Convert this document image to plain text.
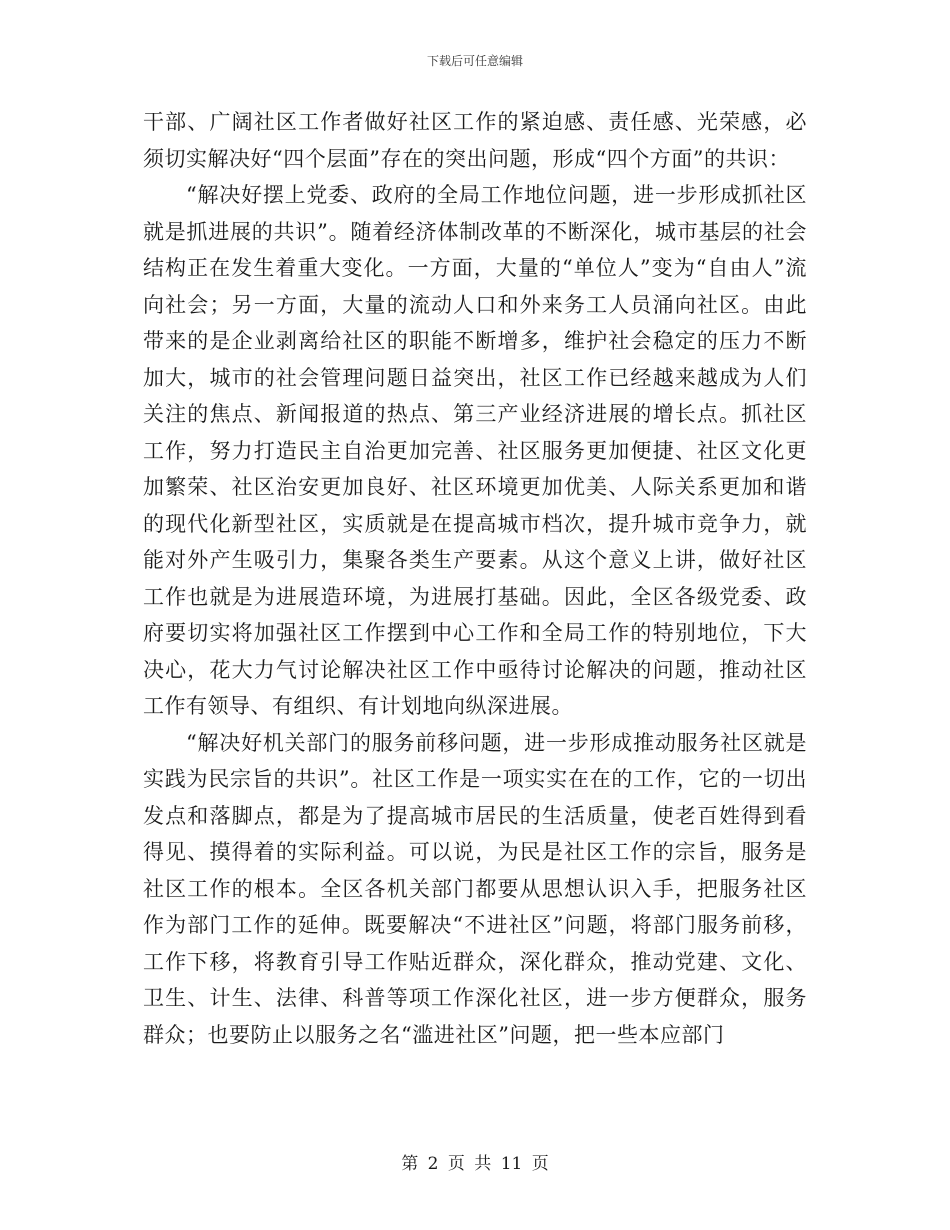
下载后可任意编辑

干部、广阔社区工作者做好社区工作的紧迫感、责任感、光荣感，必须切实解决好“四个层面”存在的突出问题，形成“四个方面”的共识：

“解决好摆上党委、政府的全局工作地位问题，进一步形成抓社区就是抓进展的共识”。随着经济体制改革的不断深化，城市基层的社会结构正在发生着重大变化。一方面，大量的“单位人”变为“自由人”流向社会；另一方面，大量的流动人口和外来务工人员涌向社区。由此带来的是企业剥离给社区的职能不断增多，维护社会稳定的压力不断加大，城市的社会管理问题日益突出，社区工作已经越来越成为人们关注的焦点、新闻报道的热点、第三产业经济进展的增长点。抓社区工作，努力打造民主自治更加完善、社区服务更加便捷、社区文化更加繁荣、社区治安更加良好、社区环境更加优美、人际关系更加和谐的现代化新型社区，实质就是在提高城市档次，提升城市竞争力，就能对外产生吸引力，集聚各类生产要素。从这个意义上讲，做好社区工作也就是为进展造环境，为进展打基础。因此，全区各级党委、政府要切实将加强社区工作摆到中心工作和全局工作的特别地位，下大决心，花大力气讨论解决社区工作中亟待讨论解决的问题，推动社区工作有领导、有组织、有计划地向纵深进展。

“解决好机关部门的服务前移问题，进一步形成推动服务社区就是实践为民宗旨的共识”。社区工作是一项实实在在的工作，它的一切出发点和落脚点，都是为了提高城市居民的生活质量，使老百姓得到看得见、摸得着的实际利益。可以说，为民是社区工作的宗旨，服务是社区工作的根本。全区各机关部门都要从思想认识入手，把服务社区作为部门工作的延伸。既要解决“不进社区”问题，将部门服务前移，工作下移，将教育引导工作贴近群众，深化群众，推动党建、文化、卫生、计生、法律、科普等项工作深化社区，进一步方便群众，服务群众；也要防止以服务之名“滥进社区”问题，把一些本应部门

第 2 页 共 11 页
